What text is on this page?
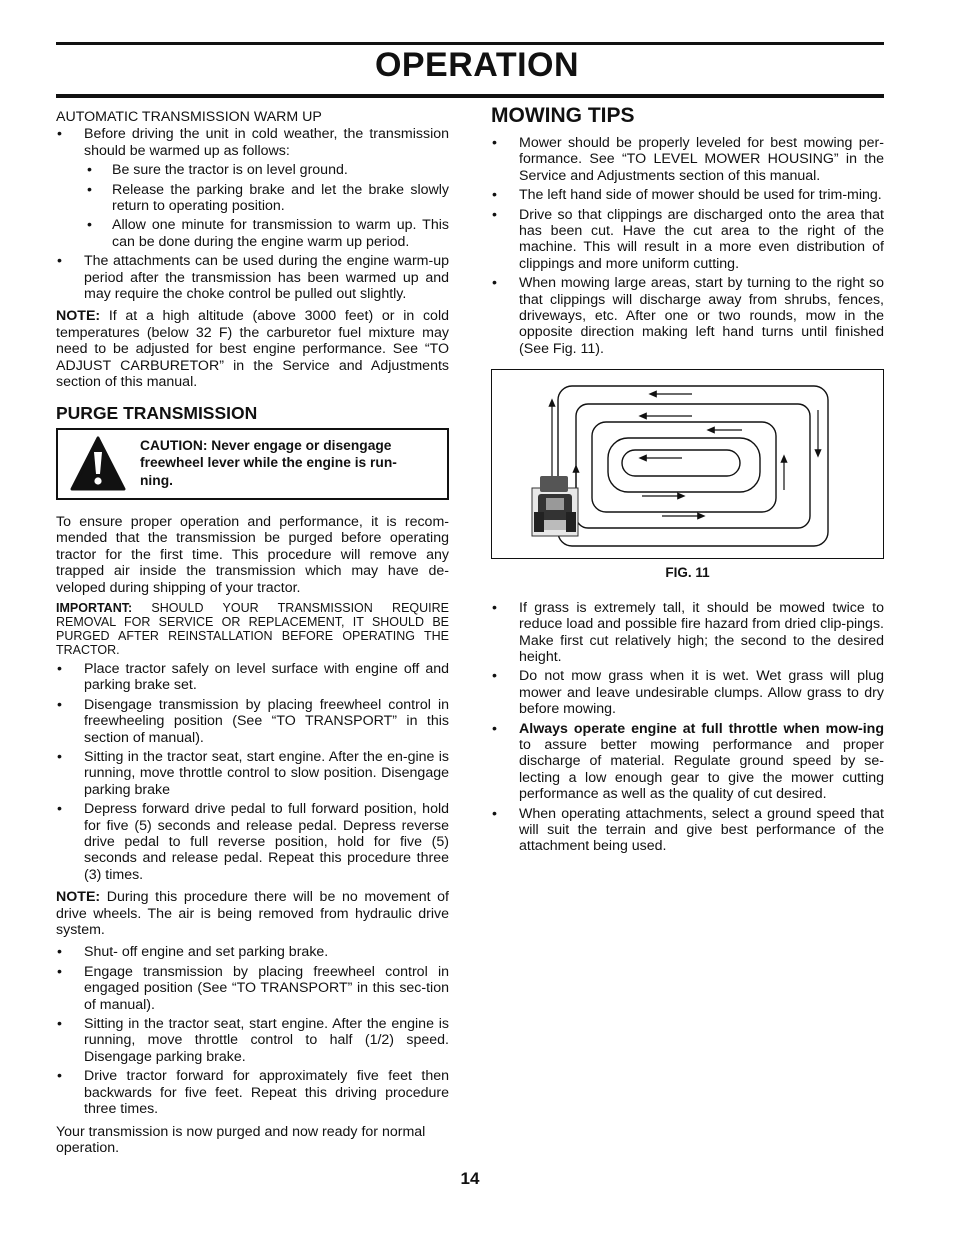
OPERATION

AUTOMATIC TRANSMISSION WARM UP

• Before driving the unit in cold weather, the transmission should be warmed up as follows:
• Be sure the tractor is on level ground.
• Release the parking brake and let the brake slowly return to operating position.
• Allow one minute for transmission to warm up. This can be done during the engine warm up period.
• The attachments can be used during the engine warm-up period after the transmission has been warmed up and may require the choke control be pulled out slightly.

NOTE: If at a high altitude (above 3000 feet) or in cold temperatures (below 32 F) the carburetor fuel mixture may need to be adjusted for best engine performance. See “TO ADJUST CARBURETOR” in the Service and Adjustments section of this manual.

PURGE TRANSMISSION
CAUTION: Never engage or disengage freewheel lever while the engine is run-ning.

To ensure proper operation and performance, it is recom-mended that the transmission be purged before operating tractor for the first time. This procedure will remove any trapped air inside the transmission which may have de-veloped during shipping of your tractor.

IMPORTANT: SHOULD YOUR TRANSMISSION REQUIRE REMOVAL FOR SERVICE OR REPLACEMENT, IT SHOULD BE PURGED AFTER REINSTALLATION BEFORE OPERATING THE TRACTOR.

• Place tractor safely on level surface with engine off and parking brake set.
• Disengage transmission by placing freewheel control in freewheeling position (See “TO TRANSPORT” in this section of manual).
• Sitting in the tractor seat, start engine. After the en-gine is running, move throttle control to slow position. Disengage parking brake
• Depress forward drive pedal to full forward position, hold for five (5) seconds and release pedal. Depress reverse drive pedal to full reverse position, hold for five (5) seconds and release pedal. Repeat this procedure three (3) times.

NOTE: During this procedure there will be no movement of drive wheels. The air is being removed from hydraulic drive system.

• Shut- off engine and set parking brake.
• Engage transmission by placing freewheel control in engaged position (See “TO TRANSPORT” in this sec-tion of manual).
• Sitting in the tractor seat, start engine. After the engine is running, move throttle control to half (1/2) speed. Disengage parking brake.
• Drive tractor forward for approximately five feet then backwards for five feet. Repeat this driving procedure three times.

Your transmission is now purged and now ready for normal operation.

MOWING TIPS
• Mower should be properly leveled for best mowing per-formance. See “TO LEVEL MOWER HOUSING” in the Service and Adjustments section of this manual.
• The left hand side of mower should be used for trim-ming.
• Drive so that clippings are discharged onto the area that has been cut. Have the cut area to the right of the machine. This will result in a more even distribution of clippings and more uniform cutting.
• When mowing large areas, start by turning to the right so that clippings will discharge away from shrubs, fences, driveways, etc. After one or two rounds, mow in the opposite direction making left hand turns until finished (See Fig. 11).

FIG. 11

• If grass is extremely tall, it should be mowed twice to reduce load and possible fire hazard from dried clip-pings. Make first cut relatively high; the second to the desired height.
• Do not mow grass when it is wet. Wet grass will plug mower and leave undesirable clumps. Allow grass to dry before mowing.
• Always operate engine at full throttle when mow-ing to assure better mowing performance and proper discharge of material. Regulate ground speed by se-lecting a low enough gear to give the mower cutting performance as well as the quality of cut desired.
• When operating attachments, select a ground speed that will suit the terrain and give best performance of the attachment being used.
14
